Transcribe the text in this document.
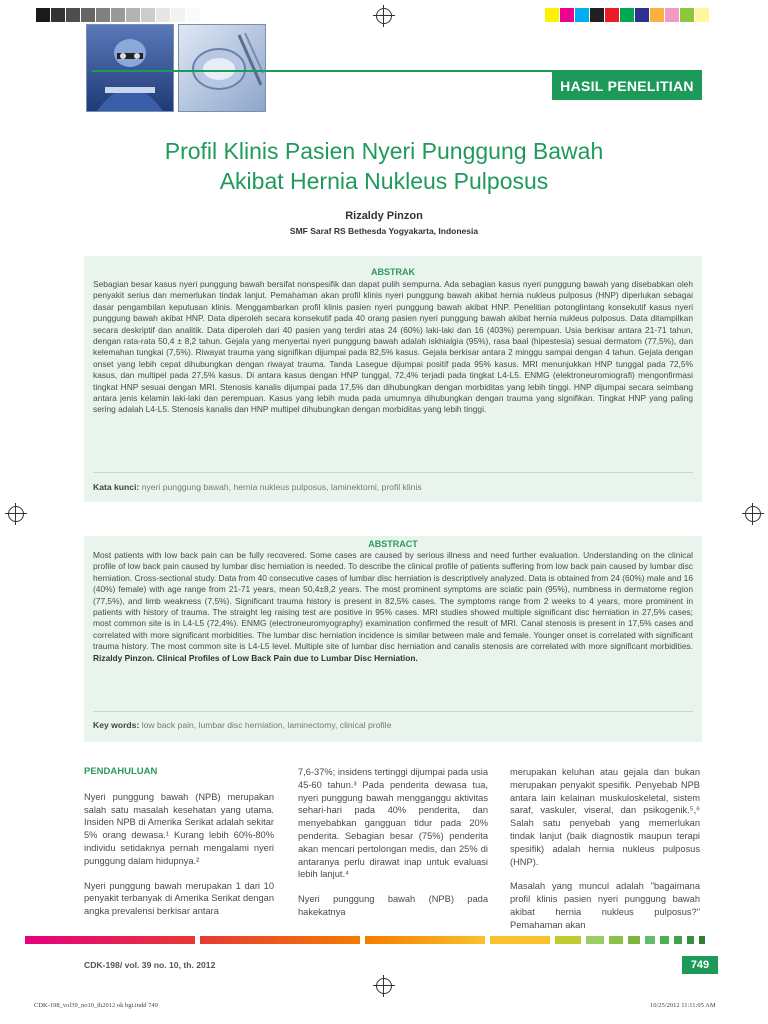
HASIL PENELITIAN
Profil Klinis Pasien Nyeri Punggung Bawah
Akibat Hernia Nukleus Pulposus
Rizaldy Pinzon
SMF Saraf RS Bethesda Yogyakarta, Indonesia
ABSTRAK
Sebagian besar kasus nyeri punggung bawah bersifat nonspesifik dan dapat pulih sempurna. Ada sebagian kasus nyeri punggung bawah yang disebabkan oleh penyakit serius dan memerlukan tindak lanjut. Pemahaman akan profil klinis nyeri punggung bawah akibat hernia nukleus pulposus (HNP) diperlukan sebagai dasar pengambilan keputusan klinis. Menggambarkan profil klinis pasien nyeri punggung bawah akibat HNP. Penelitian potonglintang konsekutif kasus nyeri punggung bawah akibat HNP. Data diperoleh secara konsekutif pada 40 orang pasien nyeri punggung bawah akibat hernia nukleus pulposus. Data ditampilkan secara deskriptif dan analitik. Data diperoleh dari 40 pasien yang terdiri atas 24 (60%) laki-laki dan 16 (403%) perempuan. Usia berkisar antara 21-71 tahun, dengan rata-rata 50,4 ± 8,2 tahun. Gejala yang menyertai nyeri punggung bawah adalah iskhialgia (95%), rasa baal (hipestesia) sesuai dermatom (77,5%), dan kelemahan tungkai (7,5%). Riwayat trauma yang signifikan dijumpai pada 82,5% kasus. Gejala berkisar antara 2 minggu sampai dengan 4 tahun. Gejala dengan onset yang lebih cepat dihubungkan dengan riwayat trauma. Tanda Lasegue dijumpai positif pada 95% kasus. MRI menunjukkan HNP tunggal pada 72,5% kasus, dan multipel pada 27,5% kasus. Di antara kasus dengan HNP tunggal, 72,4% terjadi pada tingkat L4-L5. ENMG (elektroneuromiografi) mengonfirmasi tingkat HNP sesuai dengan MRI. Stenosis kanalis dijumpai pada 17,5% dan dihubungkan dengan morbiditas yang lebih tinggi. HNP dijumpai secara seimbang antara jenis kelamin laki-laki dan perempuan. Kasus yang lebih muda pada umumnya dihubungkan dengan trauma yang signifikan. Tingkat HNP yang paling sering adalah L4-L5. Stenosis kanalis dan HNP multipel dihubungkan dengan morbiditas yang lebih tinggi.
Kata kunci: nyeri punggung bawah, hernia nukleus pulposus, laminektomi, profil klinis
ABSTRACT
Most patients with low back pain can be fully recovered. Some cases are caused by serious illness and need further evaluation. Understanding on the clinical profile of low back pain caused by lumbar disc herniation is needed. To describe the clinical profile of patients suffering from low back pain caused by lumbar disc herniation. Cross-sectional study. Data from 40 consecutive cases of lumbar disc herniation is descriptively analyzed. Data is obtained from 24 (60%) male and 16 (40%) female) with age range from 21-71 years, mean 50,4±8,2 years. The most prominent symptoms are sciatic pain (95%), numbness in dermatome region (77,5%), and limb weakness (7,5%). Significant trauma history is present in 82,5% cases. The symptoms range from 2 weeks to 4 years, more prominent in patients with history of trauma. The straight leg raising test are positive in 95% cases. MRI studies showed multiple significant disc herniation in 27,5% cases; most common site is in L4-L5 (72,4%). ENMG (electroneuromyography) examination confirmed the result of MRI. Canal stenosis is present in 17,5% cases and correlated with more significant morbidities. The lumbar disc herniation incidence is similar between male and female. Younger onset is correlated with significant trauma history. The most common site is L4-L5 level. Multiple site of lumbar disc herniation and canalis stenosis are correlated with more significant morbidities. Rizaldy Pinzon. Clinical Profiles of Low Back Pain due to Lumbar Disc Herniation.
Key words: low back pain, lumbar disc herniation, laminectomy, clinical profile

PENDAHULUAN

Nyeri punggung bawah (NPB) merupakan salah satu masalah kesehatan yang utama. Insiden NPB di Amerika Serikat adalah sekitar 5% orang dewasa.¹ Kurang lebih 60%-80% individu setidaknya pernah mengalami nyeri punggung dalam hidupnya.²

Nyeri punggung bawah merupakan 1 dari 10 penyakit terbanyak di Amerika Serikat dengan angka prevalensi berkisar antara

7,6-37%; insidens tertinggi dijumpai pada usia 45-60 tahun.³ Pada penderita dewasa tua, nyeri punggung bawah mengganggu aktivitas sehari-hari pada 40% penderita, dan menyebabkan gangguan tidur pada 20% penderita. Sebagian besar (75%) penderita akan mencari pertolongan medis, dan 25% di antaranya perlu dirawat inap untuk evaluasi lebih lanjut.⁴

Nyeri punggung bawah (NPB) pada hakekatnya

merupakan keluhan atau gejala dan bukan merupakan penyakit spesifik. Penyebab NPB antara lain kelainan muskuloskeletal, sistem saraf, vaskuler, viseral, dan psikogenik.⁵,⁶ Salah satu penyebab yang memerlukan tindak lanjut (baik diagnostik maupun terapi spesifik) adalah hernia nukleus pulposus (HNP).

Masalah yang muncul adalah "bagaimana profil klinis pasien nyeri punggung bawah akibat hernia nukleus pulposus?" Pemahaman akan

CDK-198/ vol. 39 no. 10, th. 2012	749
CDK-198_vol39_no10_th2012 ok bgt.indd 749	10/25/2012 11:11:05 AM
